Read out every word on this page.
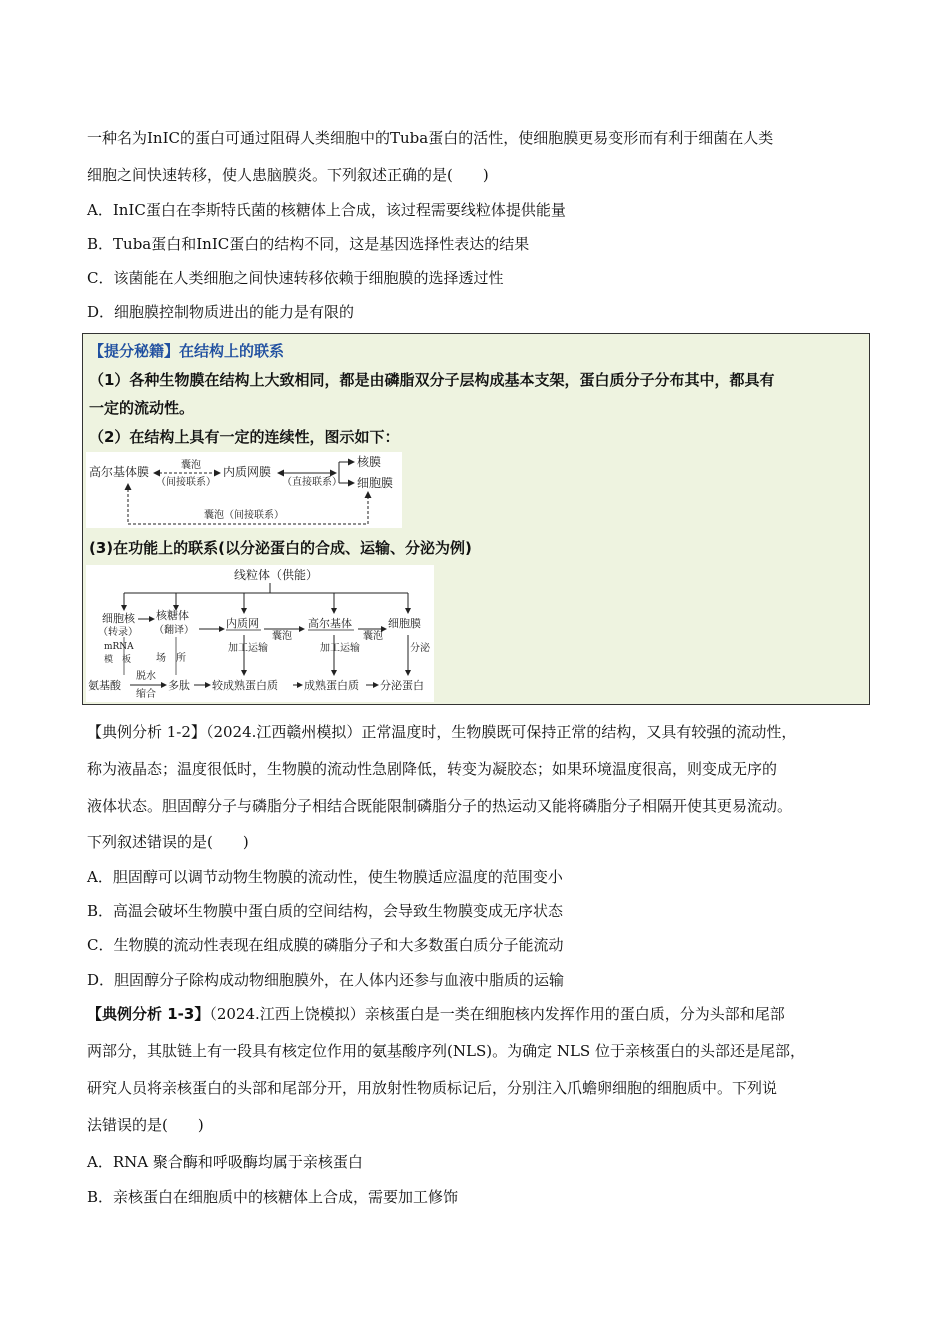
一种名为InIC的蛋白可通过阻碍人类细胞中的Tuba蛋白的活性，使细胞膜更易变形而有利于细菌在人类
细胞之间快速转移，使人患脑膜炎。下列叙述正确的是(　　)
A．InIC蛋白在李斯特氏菌的核糖体上合成，该过程需要线粒体提供能量
B．Tuba蛋白和InIC蛋白的结构不同，这是基因选择性表达的结果
C．该菌能在人类细胞之间快速转移依赖于细胞膜的选择透过性
D．细胞膜控制物质进出的能力是有限的
【提分秘籍】在结构上的联系
（1）各种生物膜在结构上大致相同，都是由磷脂双分子层构成基本支架，蛋白质分子分布其中，都具有
一定的流动性。
（2）在结构上具有一定的连续性，图示如下：
高尔基体膜	囊泡
（间接联系）
内质网膜
（直接联系）
核膜
细胞膜
囊泡（间接联系）
(3)在功能上的联系(以分泌蛋白的合成、运输、分泌为例)
线粒体（供能）
细胞核
（转录）
mRNA
模　板
核糖体
（翻译）
场　所
内质网
囊泡
高尔基体
囊泡
细胞膜
加工 运输	加工 运输	分泌
氨基酸
脱水
缩合
多肽 较成熟蛋白质 成熟蛋白质 分泌蛋白
【典例分析 1-2】（2024.江西赣州模拟）正常温度时，生物膜既可保持正常的结构，又具有较强的流动性，
称为液晶态；温度很低时，生物膜的流动性急剧降低，转变为凝胶态；如果环境温度很高，则变成无序的
液体状态。胆固醇分子与磷脂分子相结合既能限制磷脂分子的热运动又能将磷脂分子相隔开使其更易流动。
下列叙述错误的是(　　)
A．胆固醇可以调节动物生物膜的流动性，使生物膜适应温度的范围变小
B．高温会破坏生物膜中蛋白质的空间结构，会导致生物膜变成无序状态
C．生物膜的流动性表现在组成膜的磷脂分子和大多数蛋白质分子能流动
D．胆固醇分子除构成动物细胞膜外，在人体内还参与血液中脂质的运输
【典例分析 1-3】（2024.江西上饶模拟）亲核蛋白是一类在细胞核内发挥作用的蛋白质，分为头部和尾部
两部分，其肽链上有一段具有核定位作用的氨基酸序列(NLS)。为确定 NLS 位于亲核蛋白的头部还是尾部，
研究人员将亲核蛋白的头部和尾部分开，用放射性物质标记后，分别注入爪蟾卵细胞的细胞质中。下列说
法错误的是(　　)
A．RNA 聚合酶和呼吸酶均属于亲核蛋白
B．亲核蛋白在细胞质中的核糖体上合成，需要加工修饰
